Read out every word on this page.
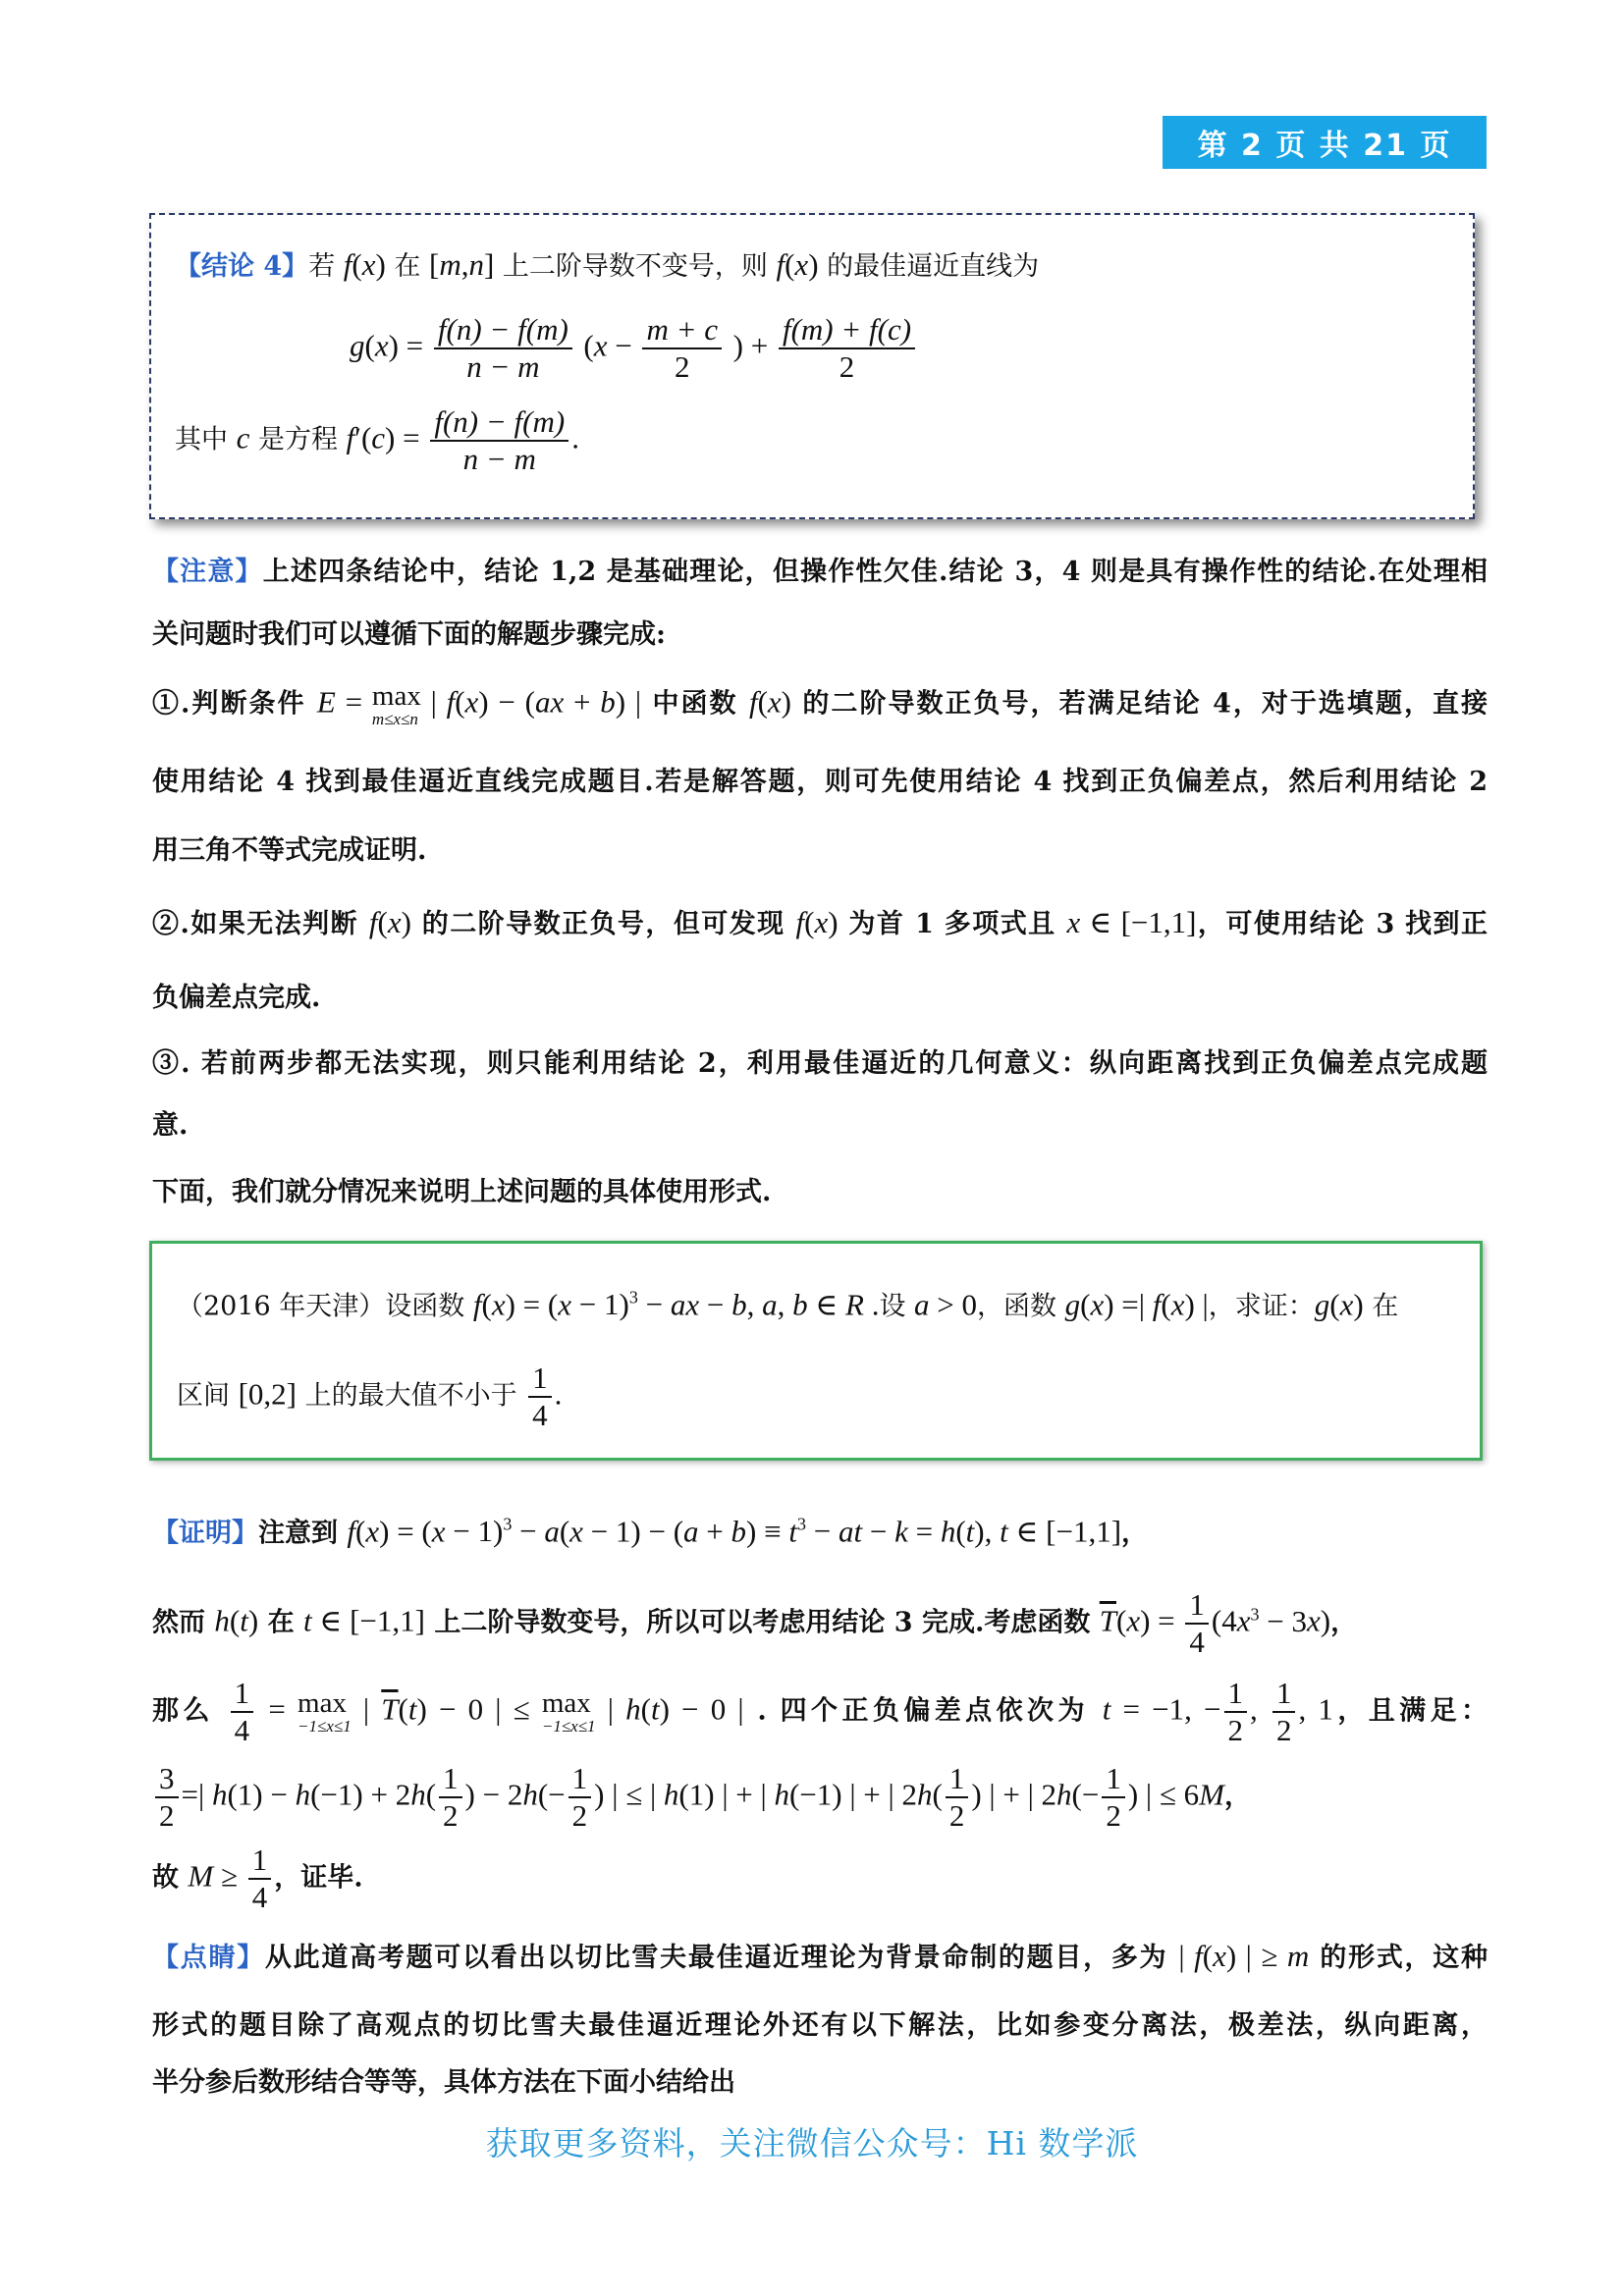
第 2 页 共 21 页
【结论 4】若 f(x) 在 [m,n] 上二阶导数不变号，则 f(x) 的最佳逼近直线为
$g(x) = \frac{f(n) - f(m)}{n - m} (x - \frac{m + c}{2}$ ) + $\frac{f(m) + f(c)}{2}$
其中 c 是方程 $f'(c) = \frac{f(n) - f(m)}{n - m}$ .
【注意】上述四条结论中，结论 1,2 是基础理论，但操作性欠佳.结论 3，4 则是具有操作性的结论.在处理相
关问题时我们可以遵循下面的解题步骤完成:
①.判断条件 E = max
m≤x≤n | f(x) − (ax + b) | 中函数 f(x) 的二阶导数正负号，若满足结论 4，对于选填题，直接
使用结论 4 找到最佳逼近直线完成题目.若是解答题，则可先使用结论 4 找到正负偏差点，然后利用结论 2
用三角不等式完成证明.
②.如果无法判断 f(x) 的二阶导数正负号，但可发现 f(x) 为首 1 多项式且 x ∈ [−1,1]，可使用结论 3 找到正
负偏差点完成.
③. 若前两步都无法实现，则只能利用结论 2，利用最佳逼近的几何意义：纵向距离找到正负偏差点完成题
意.
下面，我们就分情况来说明上述问题的具体使用形式.
（2016 年天津）设函数 $f(x) = (x - 1)^3$ − ax − b, a, b ∈ R .设 a > 0，函数 g(x) =| f(x) |，求证：g(x) 在
区间 [0,2] 上的最大值不小于 $\frac{1}{4}$ .
【证明】注意到 $f(x) = (x - 1)^3 - a(x - 1) - (a + b) \equiv t^3$ − at − k = h(t), t ∈ [−1,1]，
然而 h(t) 在 t ∈ [−1,1] 上二阶导数变号，所以可以考虑用结论 3 完成.考虑函数 $\overline{T}(x) = \frac{1}{4} (4x^3 - 3x)$，
那么 $\frac{1}{4} = \max$
−1≤x≤1 | $\overline{T}(t) - 0$ | ≤ max
−1≤x≤1 | h(t) − 0 | . 四个正负偏差点依次为 t = −1, − $\frac{1}{2}$ , $\frac{1}{2}$ , 1，且满足：
$\frac{3}{2}$ =| $h(1) - h(-1) + 2h( \frac{1}{2}$ ) − $2h(- \frac{1}{2}$ ) | ≤ | h(1) | + | h(−1) | + | $2h( \frac{1}{2}$ ) | + | $2h(- \frac{1}{2}$ ) | ≤ 6M，
故 $M \ge \frac{1}{4}$ ，证毕.
【点睛】从此道高考题可以看出以切比雪夫最佳逼近理论为背景命制的题目，多为 | f(x) | ≥ m 的形式，这种
形式的题目除了高观点的切比雪夫最佳逼近理论外还有以下解法，比如参变分离法，极差法，纵向距离，
半分参后数形结合等等，具体方法在下面小结给出
获取更多资料，关注微信公众号：Hi 数学派
